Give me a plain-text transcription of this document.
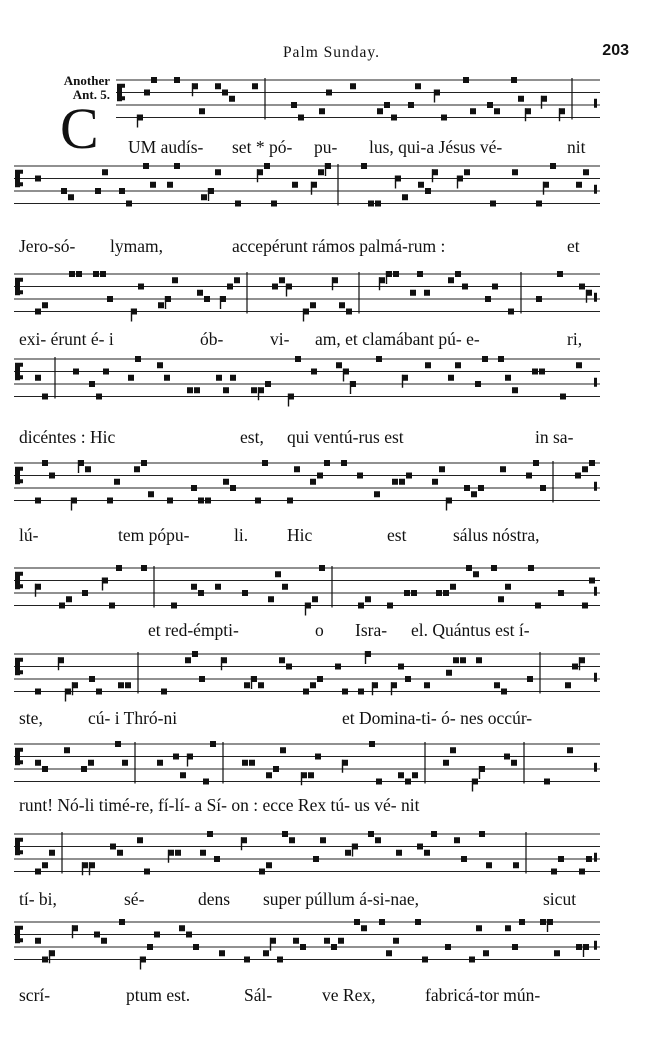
Palm Sunday.	203
Another
Ant. 5.
C UM audís- set * pó- pu- lus, qui-a Jésus vé-	nit
Jero-só- lymam,	accepérunt rámos palmá-rum :	et
exi- érunt é- i	ób-	vi- am, et clamábant pú- e-	ri,
dicéntes : Hic	est, qui ventú-rus est	in sa-
lú-	tem pópu-	li. Hic	est	sálus nóstra,
et red-émpti-	o Isra- el. Quántus est í-
ste,	cú- i Thró-ni	et Domina-ti- ó- nes occúr-
runt! Nó-li timé-re, fí-lí- a Sí- on : ecce Rex tú- us vé- nit
tí- bi,	sé-	dens super púllum á-si-nae,	sicut
scrí-	ptum est.	Sál-	ve Rex,	fabricá-tor mún-
